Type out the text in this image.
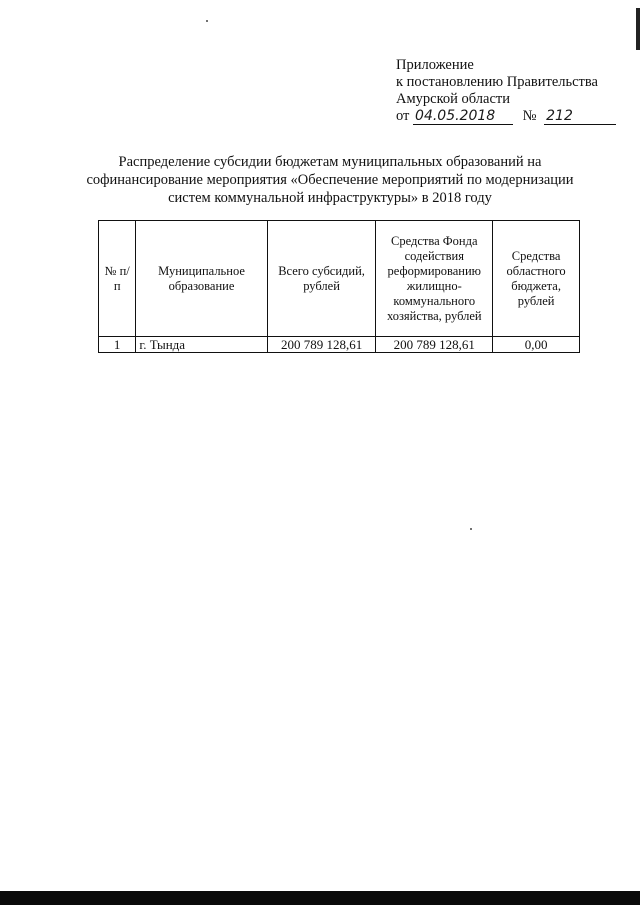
Приложение
к постановлению Правительства
Амурской области
от 04.05.2018 № 212
Распределение субсидии бюджетам муниципальных образований на
софинансирование мероприятия «Обеспечение мероприятий по модернизации
систем коммунальной инфраструктуры» в 2018 году
№ п/п	Муниципальное образование	Всего субсидий, рублей	Средства Фонда содействия реформированию жилищно-коммунального хозяйства, рублей	Средства областного бюджета, рублей
1	г. Тында	200 789 128,61	200 789 128,61	0,00
